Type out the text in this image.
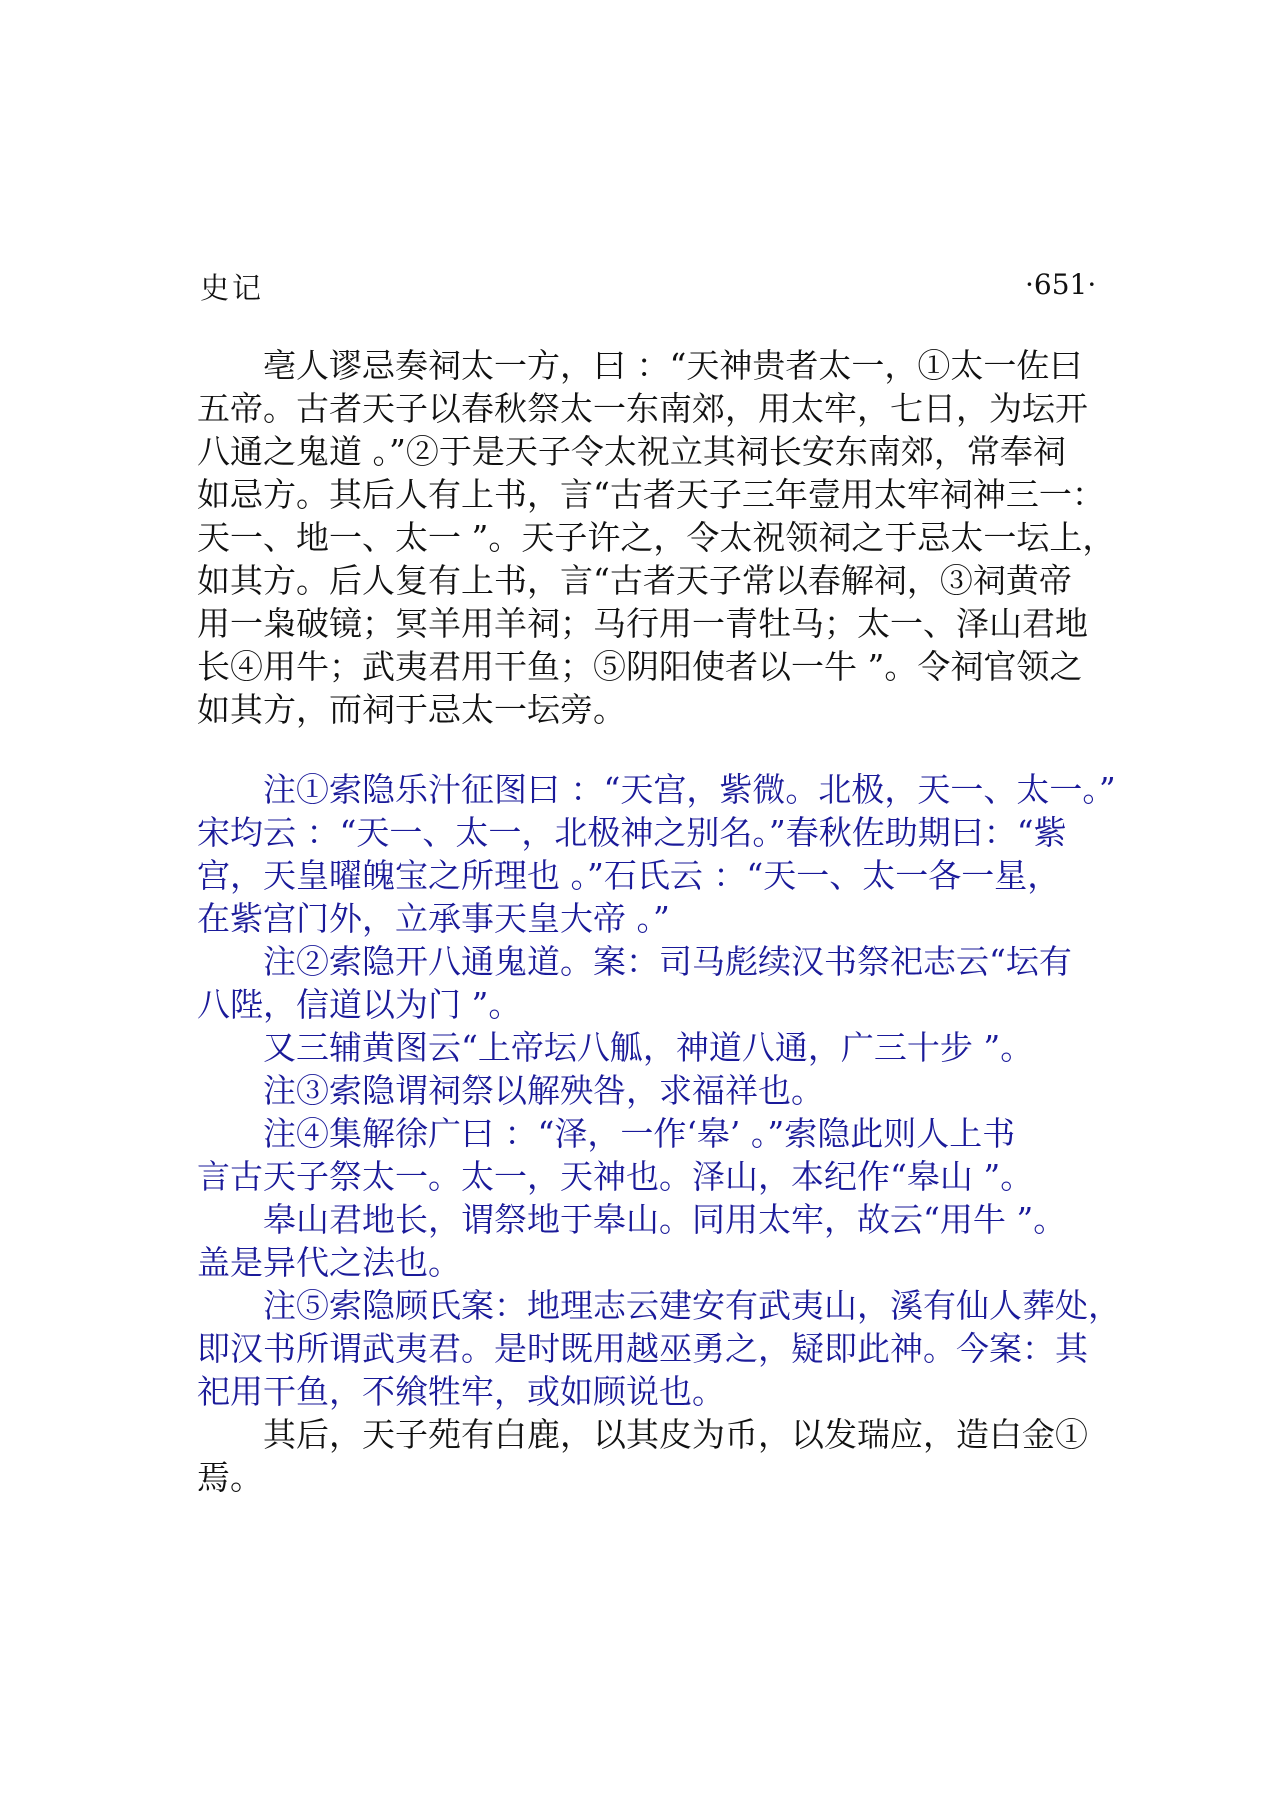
史记	·651·
　　亳人谬忌奏祠太一方，曰 ：“天神贵者太一，①太一佐曰
五帝。古者天子以春秋祭太一东南郊，用太牢，七日，为坛开
八通之鬼道 。”②于是天子令太祝立其祠长安东南郊，常奉祠
如忌方。其后人有上书，言“古者天子三年壹用太牢祠神三一：
天一、地一、太一 ”。天子许之，令太祝领祠之于忌太一坛上，
如其方。后人复有上书，言“古者天子常以春解祠，③祠黄帝
用一枭破镜；冥羊用羊祠；马行用一青牡马；太一、泽山君地
长④用牛；武夷君用干鱼；⑤阴阳使者以一牛 ”。令祠官领之
如其方，而祠于忌太一坛旁。
　　注①索隐乐汁征图曰 ：“天宫，紫微。北极，天一、太一。”
宋均云 ：“天一、太一，北极神之别名。”春秋佐助期曰：“紫
宫，天皇曜魄宝之所理也 。”石氏云 ：“天一、太一各一星，
在紫宫门外，立承事天皇大帝 。”
　　注②索隐开八通鬼道。案：司马彪续汉书祭祀志云“坛有
八陛，信道以为门 ”。
　　又三辅黄图云“上帝坛八觚，神道八通，广三十步 ”。
　　注③索隐谓祠祭以解殃咎，求福祥也。
　　注④集解徐广曰 ：“泽，一作‘皋’ 。”索隐此则人上书
言古天子祭太一。太一，天神也。泽山，本纪作“皋山 ”。
　　皋山君地长，谓祭地于皋山。同用太牢，故云“用牛 ”。
盖是异代之法也。
　　注⑤索隐顾氏案：地理志云建安有武夷山，溪有仙人葬处，
即汉书所谓武夷君。是时既用越巫勇之，疑即此神。今案：其
祀用干鱼，不飨牲牢，或如顾说也。
　　其后，天子苑有白鹿，以其皮为币，以发瑞应，造白金①
焉。
